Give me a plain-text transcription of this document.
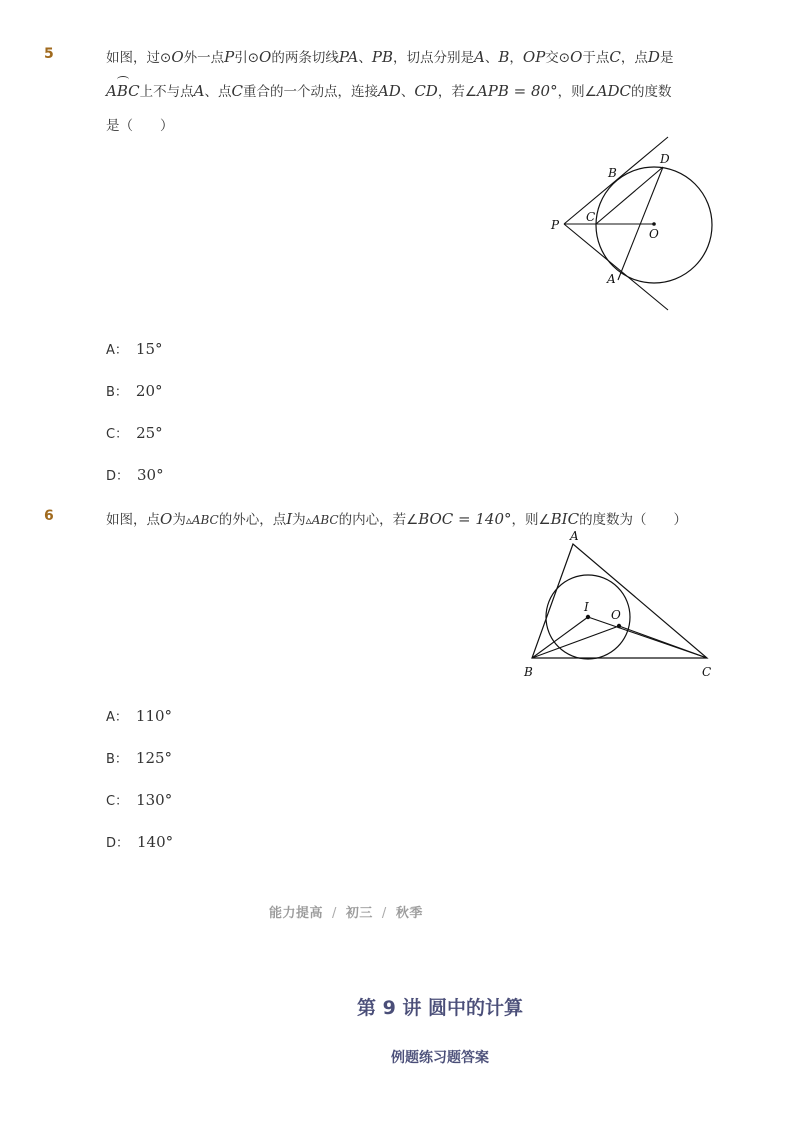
5	如图，过⊙O外一点P引⊙O的两条切线PA、PB，切点分别是A、B，OP交⊙O于点C，点D是
ABC上不与点A、点C重合的一个动点，连接AD、CD，若∠APB = 80°，则∠ADC的度数
是（　　）
B
D
C
P
O
A
A： 15°
B： 20°
C： 25°
D： 30°
6	如图，点O为▵ABC的外心，点I为▵ABC的内心，若∠BOC = 140°，则∠BIC的度数为（　　）
A
I
O
B	C
A： 110°
B： 125°
C： 130°
D： 140°
能力提高 / 初三 / 秋季
第 9 讲 圆中的计算
例题练习题答案
